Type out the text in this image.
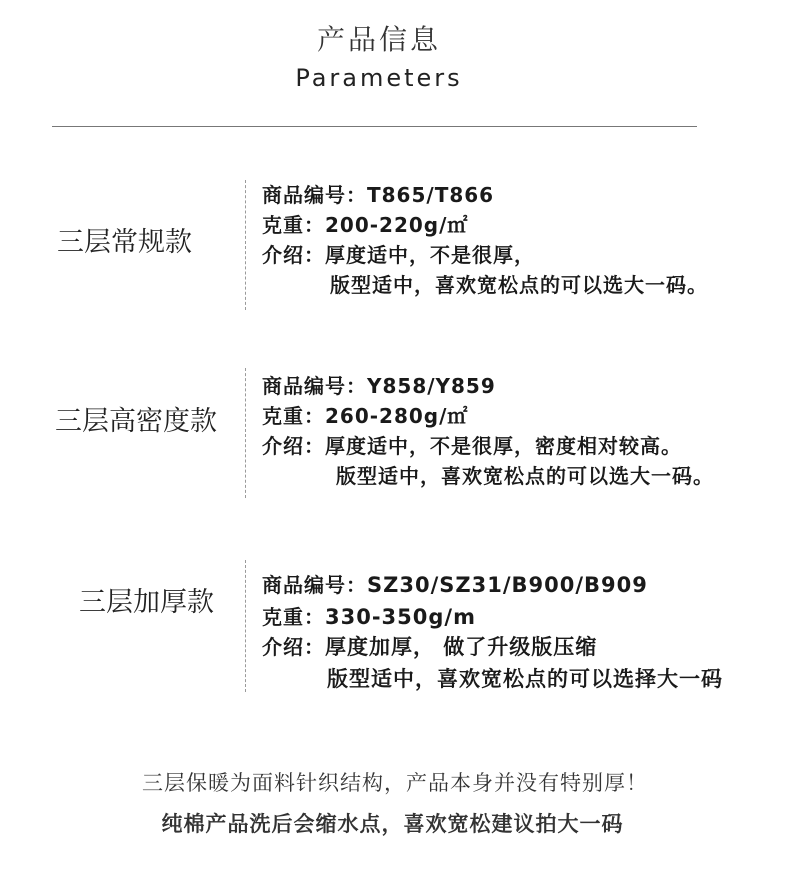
产品信息
Parameters
三层常规款
商品编号：T865/T866
克重：200-220g/㎡
介绍：厚度适中，不是很厚，
版型适中，喜欢宽松点的可以选大一码。
三层高密度款
商品编号：Y858/Y859
克重：260-280g/㎡
介绍：厚度适中，不是很厚，密度相对较高。
版型适中，喜欢宽松点的可以选大一码。
三层加厚款
商品编号：SZ30/SZ31/B900/B909
克重：330-350g/m
介绍：厚度加厚， 做了升级版压缩
版型适中，喜欢宽松点的可以选择大一码
三层保暖为面料针织结构，产品本身并没有特别厚！
纯棉产品洗后会缩水点，喜欢宽松建议拍大一码
